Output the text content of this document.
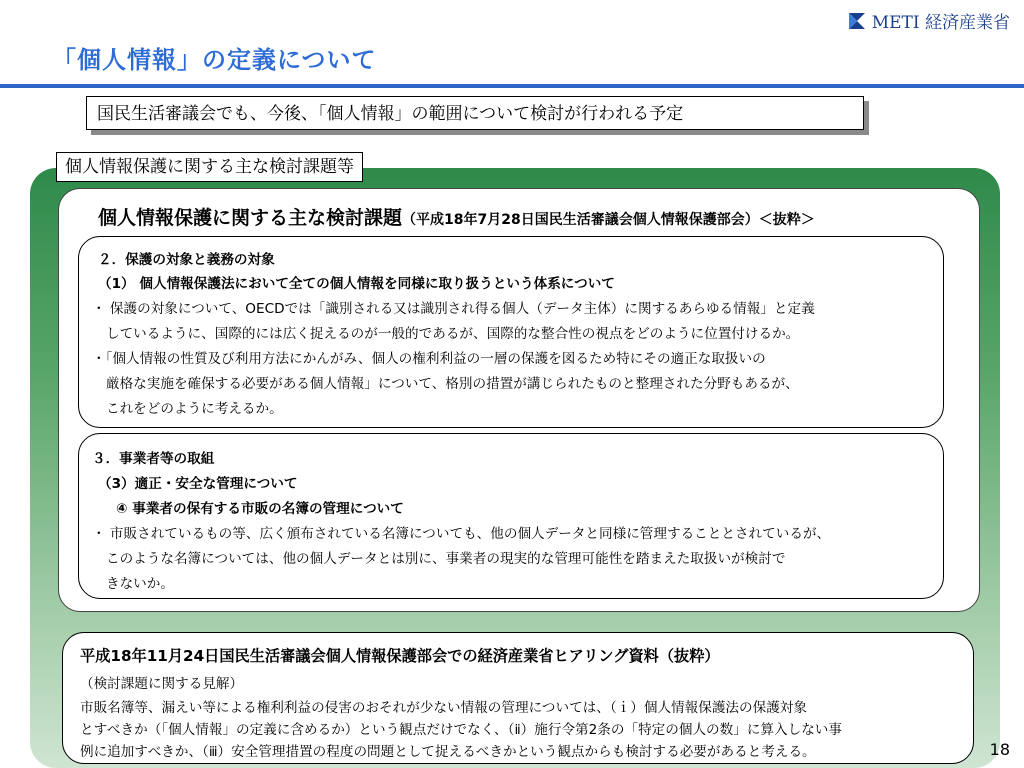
METI 経済産業省
「個人情報」の定義について
国民生活審議会でも、今後、「個人情報」の範囲について検討が行われる予定
個人情報保護に関する主な検討課題等
個人情報保護に関する主な検討課題（平成18年7月28日国民生活審議会個人情報保護部会）＜抜粋＞
２．保護の対象と義務の対象
（1） 個人情報保護法において全ての個人情報を同様に取り扱うという体系について
・ 保護の対象について、OECDでは「識別される又は識別され得る個人（データ主体）に関するあらゆる情報」と定義
しているように、国際的には広く捉えるのが一般的であるが、国際的な整合性の視点をどのように位置付けるか。
・「個人情報の性質及び利用方法にかんがみ、個人の権利利益の一層の保護を図るため特にその適正な取扱いの
厳格な実施を確保する必要がある個人情報」について、格別の措置が講じられたものと整理された分野もあるが、
これをどのように考えるか。
３．事業者等の取組
（3）適正・安全な管理について
④ 事業者の保有する市販の名簿の管理について
・ 市販されているもの等、広く頒布されている名簿についても、他の個人データと同様に管理することとされているが、
このような名簿については、他の個人データとは別に、事業者の現実的な管理可能性を踏まえた取扱いが検討で
きないか。
平成18年11月24日国民生活審議会個人情報保護部会での経済産業省ヒアリング資料（抜粋）
（検討課題に関する見解）
市販名簿等、漏えい等による権利利益の侵害のおそれが少ない情報の管理については、（ｉ）個人情報保護法の保護対象
とすべきか（「個人情報」の定義に含めるか）という観点だけでなく、（ⅱ）施行令第2条の「特定の個人の数」に算入しない事
例に追加すべきか、（ⅲ）安全管理措置の程度の問題として捉えるべきかという観点からも検討する必要があると考える。	18
